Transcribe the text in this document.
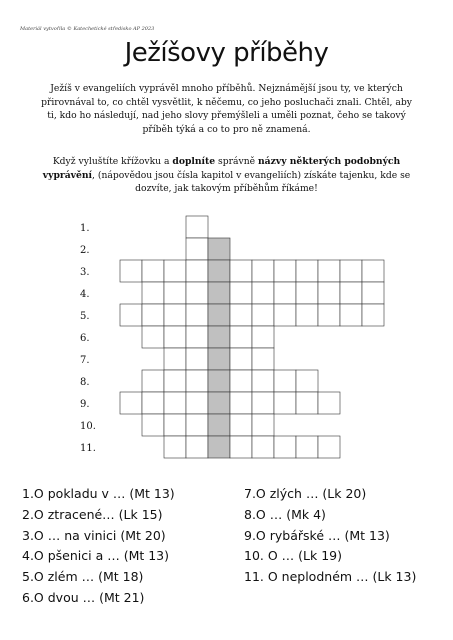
Materiál vytvořila © Katechetické středisko AP 2023
Ježíšovy příběhy
Ježíš v evangeliích vyprávěl mnoho příběhů. Nejznámější jsou ty, ve kterých přirovnával to, co chtěl vysvětlit, k něčemu, co jeho posluchači znali. Chtěl, aby ti, kdo ho následují, nad jeho slovy přemýšleli a uměli poznat, čeho se takový příběh týká a co to pro ně znamená.
Když vyluštíte křížovku a doplníte správně názvy některých podobných vyprávění, (nápovědou jsou čísla kapitol v evangeliích) získáte tajenku, kde se dozvíte, jak takovým příběhům říkáme!
1.
2.
3.
4.
5.
6.
7.
8.
9.
10.
11.
1.O pokladu v … (Mt 13)
2.O ztracené… (Lk 15)
3.O … na vinici (Mt 20)
4.O pšenici a … (Mt 13)
5.O zlém … (Mt 18)
6.O dvou … (Mt 21)
7.O zlých … (Lk 20)
8.O … (Mk 4)
9.O rybářské … (Mt 13)
10. O … (Lk 19)
11. O neplodném … (Lk 13)
